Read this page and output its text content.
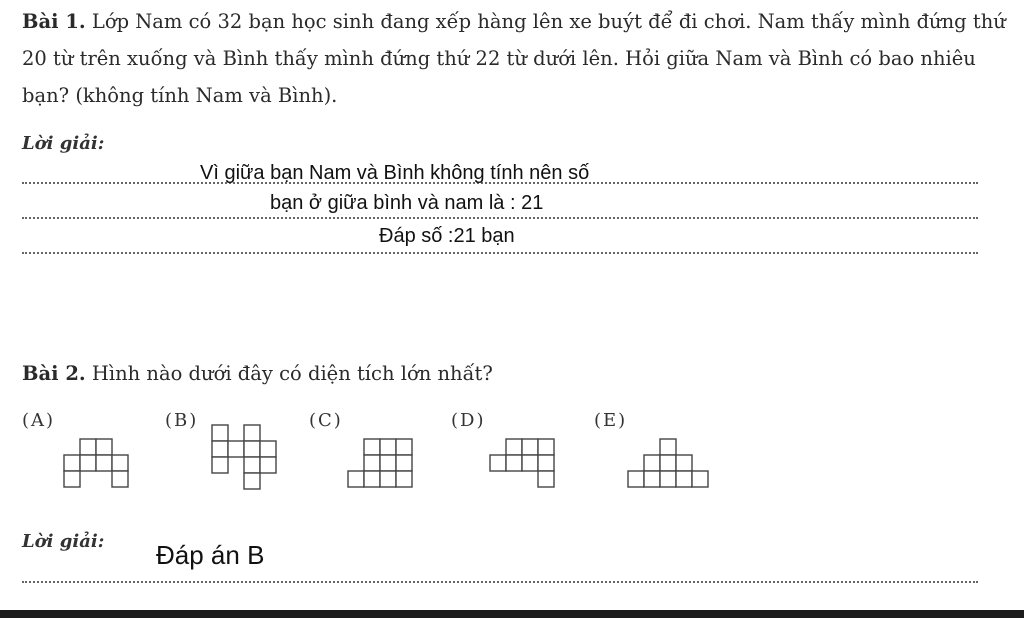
Bài 1. Lớp Nam có 32 bạn học sinh đang xếp hàng lên xe buýt để đi chơi. Nam thấy mình đứng thứ 20 từ trên xuống và Bình thấy mình đứng thứ 22 từ dưới lên. Hỏi giữa Nam và Bình có bao nhiêu bạn? (không tính Nam và Bình).
Lời giải:
Vì giữa bạn Nam và Bình không tính nên số
bạn ở giữa bình và nam là : 21
Đáp số :21 bạn
Bài 2. Hình nào dưới đây có diện tích lớn nhất?
(A)	(B)	(C)	(D)	(E)
Lời giải: Đáp án B
